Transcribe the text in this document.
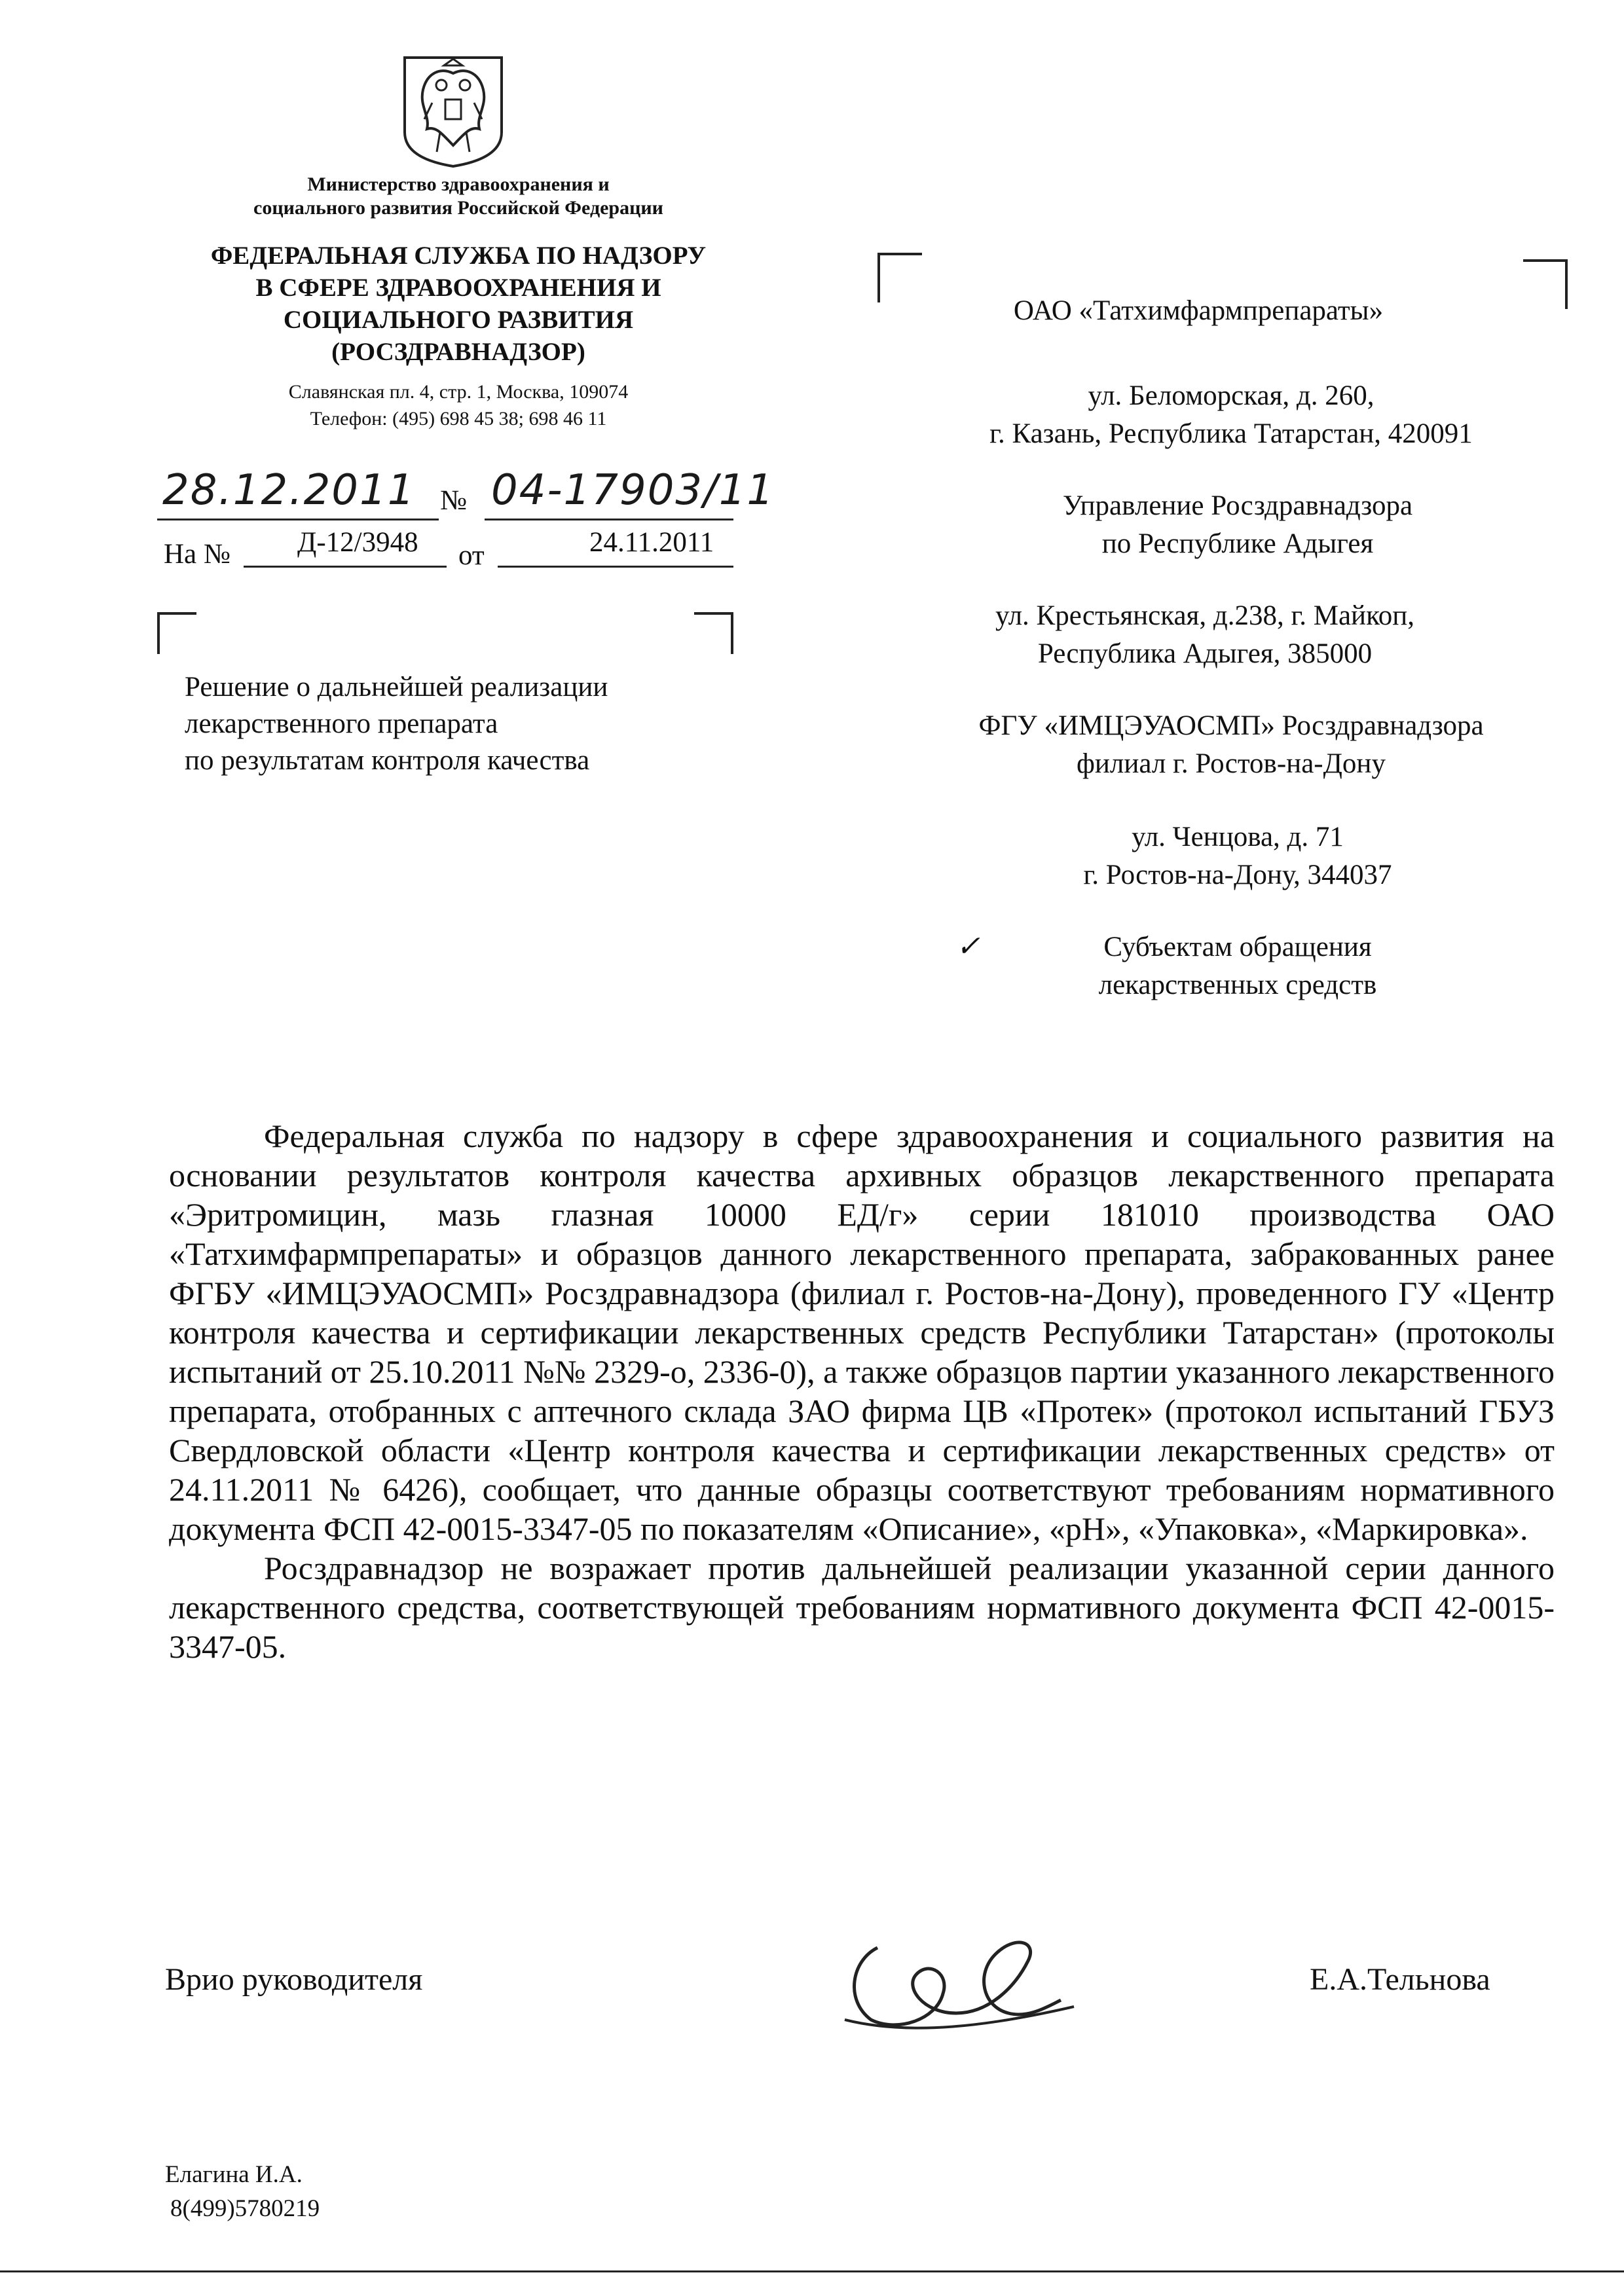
Министерство здравоохранения и
социального развития Российской Федерации
ФЕДЕРАЛЬНАЯ СЛУЖБА ПО НАДЗОРУ
В СФЕРЕ ЗДРАВООХРАНЕНИЯ И
СОЦИАЛЬНОГО РАЗВИТИЯ
(РОСЗДРАВНАДЗОР)
Славянская пл. 4, стр. 1, Москва, 109074
Телефон: (495) 698 45 38; 698 46 11
28.12.2011 № 04-17903/11
На № Д-12/3948 от	24.11.2011
Решение о дальнейшей реализации
лекарственного препарата
по результатам контроля качества
ОАО «Татхимфармпрепараты»
ул. Беломорская, д. 260,
г. Казань, Республика Татарстан, 420091
Управление Росздравнадзора
по Республике Адыгея
ул. Крестьянская, д.238, г. Майкоп,
Республика Адыгея, 385000
ФГУ «ИМЦЭУАОСМП» Росздравнадзора
филиал г. Ростов-на-Дону
ул. Ченцова, д. 71
г. Ростов-на-Дону, 344037
✓	Субъектам обращения
лекарственных средств

Федеральная служба по надзору в сфере здравоохранения и социального развития на основании результатов контроля качества архивных образцов лекарственного препарата «Эритромицин, мазь глазная 10000 ЕД/г» серии 181010 производства ОАО «Татхимфармпрепараты» и образцов данного лекарственного препарата, забракованных ранее ФГБУ «ИМЦЭУАОСМП» Росздравнадзора (филиал г. Ростов-на-Дону), проведенного ГУ «Центр контроля качества и сертификации лекарственных средств Республики Татарстан» (протоколы испытаний от 25.10.2011 №№ 2329-о, 2336-0), а также образцов партии указанного лекарственного препарата, отобранных с аптечного склада ЗАО фирма ЦВ «Протек» (протокол испытаний ГБУЗ Свердловской области «Центр контроля качества и сертификации лекарственных средств» от 24.11.2011 № 6426), сообщает, что данные образцы соответствуют требованиям нормативного документа ФСП 42-0015-3347-05 по показателям «Описание», «рН», «Упаковка», «Маркировка».

Росздравнадзор не возражает против дальнейшей реализации указанной серии данного лекарственного средства, соответствующей требованиям нормативного документа ФСП 42-0015-3347-05.

Врио руководителя	Е.А.Тельнова
Елагина И.А.
8(499)5780219
